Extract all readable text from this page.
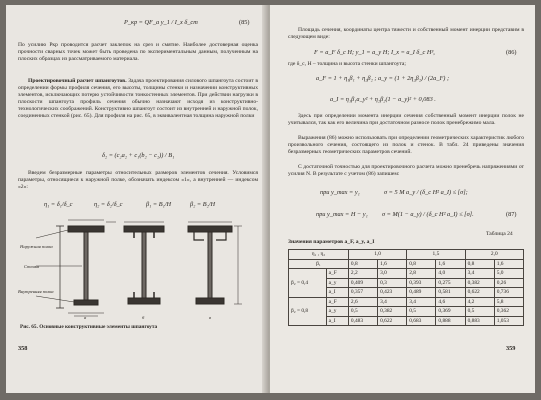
P_кр = QF_a y_1 / I_x δ_ст	(85)

По усилию Pкр проводится расчет заклепок на срез и смятие. Наиболее достоверная оценка прочности сварных точек может быть проведена по экспериментальным данным, полученным на плоских образцах из рассматриваемого материала.

Проектировочный расчет шпангоутов. Задача проектирования силового шпангоута состоит в определении формы профиля сечения, его высоты, толщины стенки и назначении конструктивных элементов, исключающих потерю устойчивости тонкостенных элементов. При действии нагрузки в плоскости шпангоута профиль сечения обычно назначают исходя из конструктивно-технологических соображений. Конструктивно шпангоут состоит из внутренней и наружной полок, соединенных стенкой (рис. 65). Для профиля на рис. 65, в эквивалентная толщина наружной полки

δ₂ = (c₂a₂ + c₁(b₂ − c₂)) / B₁

Введем безразмерные параметры относительных размеров элементов сечения. Условимся параметры, относящиеся к наружной полке, обозначать индексом «1», а внутренней — индексом «2»:

η₁ = δ₁/δ_c	η₂ = δ₂/δ_c	β₁ = B₁/H	β₂ = B₂/H
Наружная полка
Стенка
Внутренняя полка
а	б	в
Рис. 65. Основные конструктивные элементы шпангоута
358

Площадь сечения, координаты центра тяжести и собственный момент инерции представим в следующем виде:

F = a_F δ_c H; y_1 = a_y H; I_x = a_I δ_c H³,	(86)

где δ_c, H – толщина и высота стенки шпангоута;

a_F = 1 + η₁β₁ + η₂β₂ ; a_y = (1 + 2η₂β₂) / (2a_F) ;
a_I = η₁β₁a_y² + η₂β₂(1 − a_y)² + 0,083 .

Здесь при определении момента инерции сечения собственный момент инерции полок не учитывался, так как его величина при достаточном разносе полок пренебрежимо мала.

Выражения (86) можно использовать при определении геометрических характеристик любого произвольного сечения, состоящего из полок и стенок. В табл. 24 приведены значения безразмерных геометрических параметров сечений.

С достаточной точностью для проектировочного расчета можно пренебречь напряжениями от усилия N. В результате с учетом (86) запишем:

при y_max = y₁	σ = 5 M a_y / (δ_c H² a_I) ≤ [σ];
при y_max = H − y₁ σ = M(1 − a_y) / (δ_c H² a_I) ≤ [σ].	(87)
Таблица 24
Значения параметров a_F, a_y, a_I
η₁ , η₂		1,0		1,5		2,0	
β₁		0,8	1,6	0,8	1,6	0,8	1,6
β₂ = 0,4	a_F	2,2	3,0	2,8	4,0	3,4	5,0
	a_y	0,409	0,3	0,393	0,275	0,382	0,26
	a_I	0,357	0,423	0,489	0,581	0,622	0,736
β₂ = 0,8	a_F	2,6	3,4	3,4	4,6	4,2	5,8
	a_y	0,5	0,382	0,5	0,369	0,5	0,362
	a_I	0,483	0,622	0,683	0,888	0,883	1,053
359
